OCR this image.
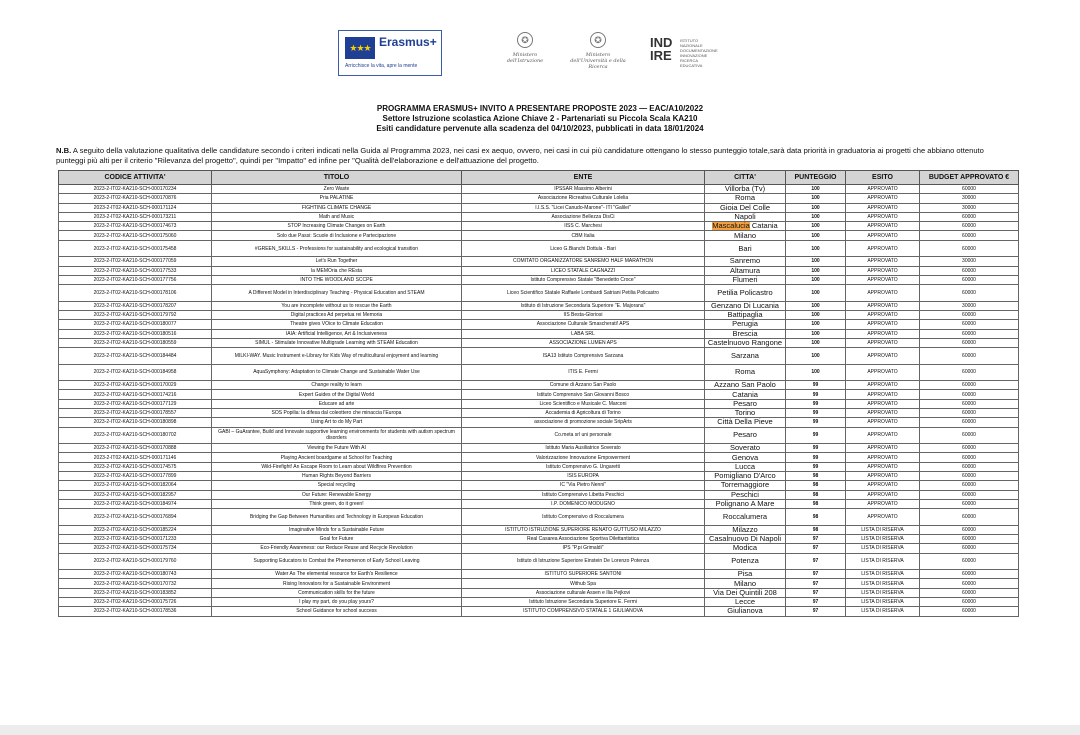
★★★ Erasmus+
Arricchisce la vita, apre la mente
✪
Ministero dell'Istruzione
✪
Ministero dell'Università e della Ricerca
IND IRE
ISTITUTO NAZIONALE DOCUMENTAZIONE INNOVAZIONE RICERCA EDUCATIVA
PROGRAMMA ERASMUS+ INVITO A PRESENTARE PROPOSTE 2023 — EAC/A10/2022
Settore Istruzione scolastica Azione Chiave 2 - Partenariati su Piccola Scala KA210
Esiti candidature pervenute alla scadenza del 04/10/2023, pubblicati in data 18/01/2024
N.B. A seguito della valutazione qualitativa delle candidature secondo i criteri indicati nella Guida al Programma 2023, nei casi ex aequo, ovvero, nei casi in cui più candidature ottengano lo stesso punteggio totale,sarà data priorità in graduatoria ai progetti che abbiano ottenuto punteggi più alti per il criterio "Rilevanza del progetto", quindi per "Impatto" ed infine per "Qualità dell'elaborazione e dell'attuazione del progetto.
CODICE ATTIVITA'	TITOLO	ENTE	CITTA'	PUNTEGGIO	ESITO	BUDGET APPROVATO €
2023-2-IT02-KA210-SCH-000170234	Zero Waste	IPSSAR Massimo Alberini	Villorba (Tv)	100	APPROVATO	60000
2023-2-IT02-KA210-SCH-000170876	Pria PALATINE	Associazione Ricreativa Culturale Lolelia	Roma	100	APPROVATO	30000
2023-2-IT02-KA210-SCH-000171124	FIGHTING CLIMATE CHANGE	I.I.S.S. "Licei Canudo-Marone"- ITI "Galilei"	Gioia Del Colle	100	APPROVATO	30000
2023-2-IT02-KA210-SCH-000173211	Math and Music	Associazione Bellezza DisCi	Napoli	100	APPROVATO	60000
2023-2-IT02-KA210-SCH-000174673	STOP Increasing Climate Changes on Earth	IISS C. Marchesi	Mascalucia Catania	100	APPROVATO	60000
2023-2-IT02-KA210-SCH-000175060	Solo due Passi: Scuole di Inclusione e Partecipazione	CBM Italia	Milano	100	APPROVATO	60000
2023-2-IT02-KA210-SCH-000175458	#GREEN_SKILLS - Professions for sustainability and ecological transition	Liceo G.Bianchi Dottula - Bari	Bari	100	APPROVATO	60000
2023-2-IT02-KA210-SCH-000177059	Let's Run Together	COMITATO ORGANIZZATORE SANREMO HALF MARATHON	Sanremo	100	APPROVATO	30000
2023-2-IT02-KA210-SCH-000177533	la MEMOria che REsta	LICEO STATALE CAGNAZZI	Altamura	100	APPROVATO	60000
2023-2-IT02-KA210-SCH-000177756	INTO THE WOODLAND SCCPE	Istituto Comprensivo Statale "Benedetto Croce"	Flumeri	100	APPROVATO	60000
2023-2-IT02-KA210-SCH-000178106	A Different Model in Interdisciplinary Teaching - Physical Education and STEAM	Liceo Scientifico Statale Raffaele Lombardi Satriani Petilia Policastro	Petilia Policastro	100	APPROVATO	60000
2023-2-IT02-KA210-SCH-000178207	You are incomplete without us to rescue the Earth	Istituto di Istruzione Secondaria Superiore "E. Majorana"	Genzano Di Lucania	100	APPROVATO	30000
2023-2-IT02-KA210-SCH-000179792	Digital practices Ad perpetua rei Memoria	IIS Besta-Gloriosi	Battipaglia	100	APPROVATO	60000
2023-2-IT02-KA210-SCH-000180077	Theatre gives VOice to Climate Education	Associazione Culturale Smascherati! APS	Perugia	100	APPROVATO	60000
2023-2-IT02-KA210-SCH-000180516	IAIA: Artificial Intelligence, Art & Inclusiveness	LABA SRL	Brescia	100	APPROVATO	60000
2023-2-IT02-KA210-SCH-000180559	SIMUL - Stimulate Innovative Multigrade Learning with STEAM Education	ASSOCIAZIONE LUMEN APS	Castelnuovo Rangone	100	APPROVATO	60000
2023-2-IT02-KA210-SCH-000184484	MILKI-WAY. Music Instrument e-Library for Kids Way of multicultural enjoyment and learning	ISA13 Istituto Comprensivo Sarzana	Sarzana	100	APPROVATO	60000
2023-2-IT02-KA210-SCH-000184958	AquaSymphony: Adaptation to Climate Change and Sustainable Water Use	ITIS E. Fermi	Roma	100	APPROVATO	60000
2023-2-IT02-KA210-SCH-000170029	Change reality to learn	Comune di Azzano San Paolo	Azzano San Paolo	99	APPROVATO	60000
2023-2-IT02-KA210-SCH-000174216	Expert Guides of the Digital World	Istituto Comprensivo San Giovanni Bosco	Catania	99	APPROVATO	60000
2023-2-IT02-KA210-SCH-000177129	Educare ad arte	Liceo Scientifico e Musicale C. Marconi	Pesaro	99	APPROVATO	60000
2023-2-IT02-KA210-SCH-000178557	SOS Popilia: la difesa dal coleottero che minaccia l'Europa	Accademia di Agricoltura di Torino	Torino	99	APPROVATO	60000
2023-2-IT02-KA210-SCH-000180898	Using Art to do My Part	associazione di promozione sociale SripArts	Città Della Pieve	99	APPROVATO	60000
2023-2-IT02-KA210-SCH-000180702	GABI – GuArantee, Build and Innovate supportive learning environments for students with autism spectrum disorders	Co.meta srl uni personale	Pesaro	99	APPROVATO	60000
2023-2-IT02-KA210-SCH-000170888	Viewing the Future With AI	Istituto Maria Ausiliatrice Soverato	Soverato	99	APPROVATO	60000
2023-2-IT02-KA210-SCH-000171146	Playing Ancient boardgame at School for Teaching	Valorizzazione Innovazione Empowerment	Genova	99	APPROVATO	60000
2023-2-IT02-KA210-SCH-000174575	Wild-Firefight! An Escape Room to Learn about Wildfires Prevention	Istituto Comprensivo G. Ungaretti	Lucca	99	APPROVATO	60000
2023-2-IT02-KA210-SCH-000177899	Human Rights Beyond Barriers	ISIS EUROPA	Pomigliano D'Arco	98	APPROVATO	60000
2023-2-IT02-KA210-SCH-000182064	Special recycling	IC "Via Pietro Nenni"	Torremaggiore	98	APPROVATO	60000
2023-2-IT02-KA210-SCH-000182957	Our Future: Renewable Energy	Istituto Comprensivo Libetta Peschici	Peschici	98	APPROVATO	60000
2023-2-IT02-KA210-SCH-000184974	Think green, do it green!	I.P. DOMENICO MODUGNO	Polignano A Mare	98	APPROVATO	60000
2023-2-IT02-KA210-SCH-000176894	Bridging the Gap Between Humanities and Technology in European Education	Istituto Comprensivo di Roccalumera	Roccalumera	98	APPROVATO	60000
2023-2-IT02-KA210-SCH-000185224	Imaginative Minds for a Sustainable Future	ISTITUTO ISTRUZIONE SUPERIORE RENATO GUTTUSO MILAZZO	Milazzo	98	LISTA DI RISERVA	60000
2023-2-IT02-KA210-SCH-000171233	Goal for Future	Real Casarea Associazione Sportiva Dilettantistica	Casalnuovo Di Napoli	97	LISTA DI RISERVA	60000
2023-2-IT02-KA210-SCH-000175734	Eco-Friendly Awareness: our Reduce Reuse and Recycle Revolution	IPS "P.pi Grimaldi"	Modica	97	LISTA DI RISERVA	60000
2023-2-IT02-KA210-SCH-000179760	Supporting Educators to Combat the Phenomenon of Early School Leaving	Istituto di Istruzione Superiore Einstein De Lorenzo Potenza	Potenza	97	LISTA DI RISERVA	60000
2023-2-IT02-KA210-SCH-000180743	Water As The elemental resource for Earth's Resilience	ISTITUTO SUPERIORE SANTONI	Pisa	97	LISTA DI RISERVA	60000
2023-2-IT02-KA210-SCH-000170732	Rising Innovators for a Sustainable Environment	Withub Spa	Milano	97	LISTA DI RISERVA	60000
2023-2-IT02-KA210-SCH-000183852	Communication skills for the future	Associazione culturale Assen e Ilia Pejkovi	Via Dei Quintili 208	97	LISTA DI RISERVA	60000
2023-2-IT02-KA210-SCH-000175726	I play my part, do you play yours?	Istituto Istruzione Secondaria Superiore E. Fermi	Lecce	97	LISTA DI RISERVA	60000
2023-2-IT02-KA210-SCH-000178536	School Guidance for school success	ISTITUTO COMPRENSIVO STATALE 1 GIULIANOVA	Giulianova	97	LISTA DI RISERVA	60000
